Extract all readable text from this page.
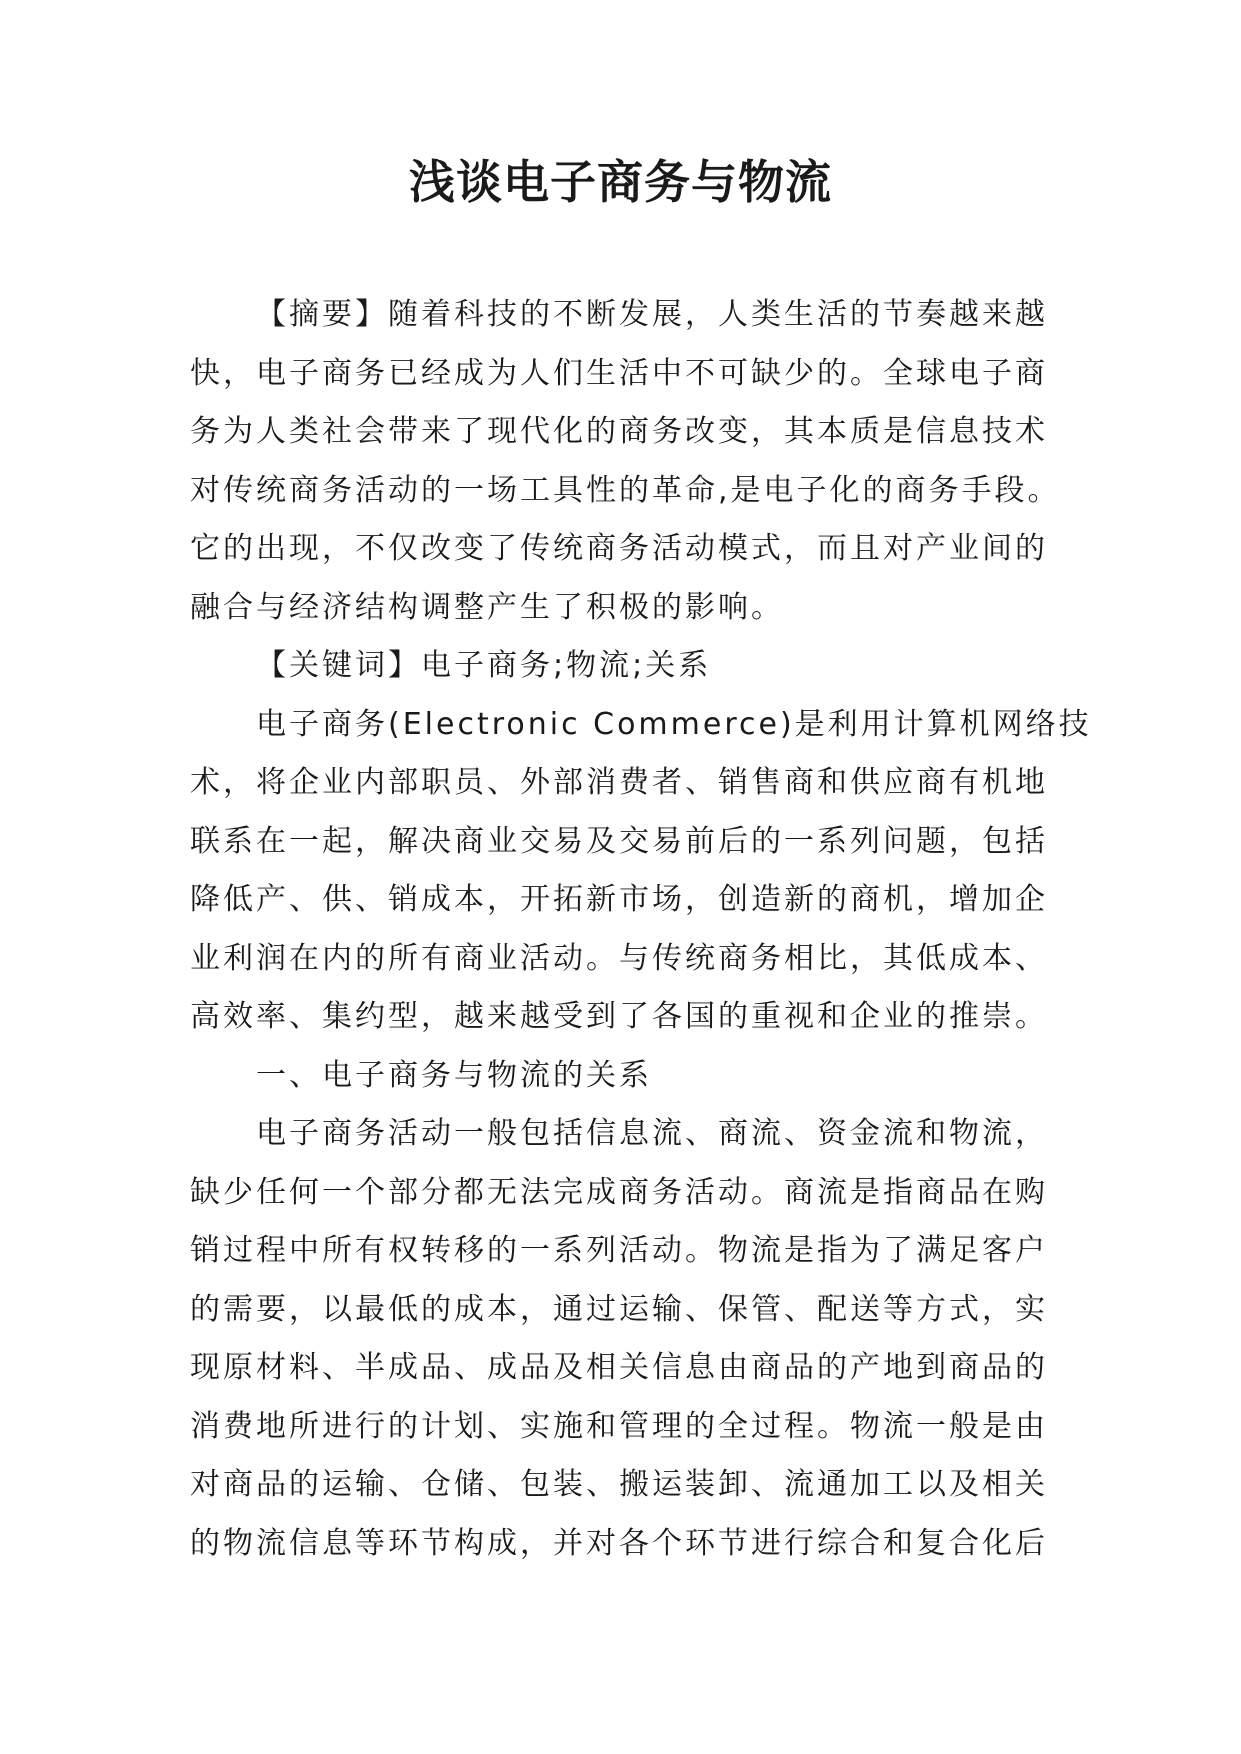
浅谈电子商务与物流

【摘要】随着科技的不断发展，人类生活的节奏越来越
快，电子商务已经成为人们生活中不可缺少的。全球电子商
务为人类社会带来了现代化的商务改变，其本质是信息技术
对传统商务活动的一场工具性的革命,是电子化的商务手段。
它的出现，不仅改变了传统商务活动模式，而且对产业间的
融合与经济结构调整产生了积极的影响。

【关键词】电子商务;物流;关系

电子商务(Electronic Commerce)是利用计算机网络技
术，将企业内部职员、外部消费者、销售商和供应商有机地
联系在一起，解决商业交易及交易前后的一系列问题，包括
降低产、供、销成本，开拓新市场，创造新的商机，增加企
业利润在内的所有商业活动。与传统商务相比，其低成本、
高效率、集约型，越来越受到了各国的重视和企业的推崇。

一、电子商务与物流的关系

电子商务活动一般包括信息流、商流、资金流和物流，
缺少任何一个部分都无法完成商务活动。商流是指商品在购
销过程中所有权转移的一系列活动。物流是指为了满足客户
的需要，以最低的成本，通过运输、保管、配送等方式，实
现原材料、半成品、成品及相关信息由商品的产地到商品的
消费地所进行的计划、实施和管理的全过程。物流一般是由
对商品的运输、仓储、包装、搬运装卸、流通加工以及相关
的物流信息等环节构成，并对各个环节进行综合和复合化后
